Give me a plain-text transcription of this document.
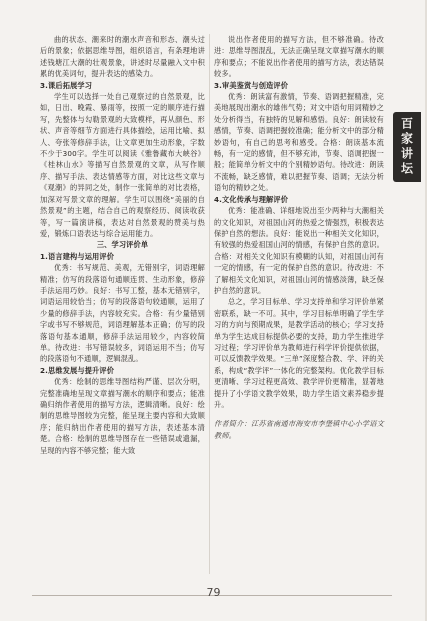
曲的状态、潮来时的潮水声音和形态、潮头过后的景象；依据思维导图，组织语言，有条理地讲述钱塘江大潮的壮观景象，讲述时尽量融入文中积累的优美词句，提升表达的感染力。

3.课后拓展学习

学生可以选择一处自己观察过的自然景观，比如，日出、晚霞、暴雨等，按照一定的顺序进行描写，先整体与勾勒景观的大致模样，再从颜色、形状、声音等细节方面进行具体描绘，运用比喻、拟人、夸张等修辞手法，让文章更加生动形象，字数不少于300字。学生可以阅读《雅鲁藏布大峡谷》《桂林山水》等描写自然景观的文章，从写作顺序、描写手法、表达情感等方面，对比这些文章与《观潮》的异同之处，制作一张简单的对比表格，加深对写景文章的理解。学生可以围绕“美丽的自然景观”的主题，结合自己的观察经历、阅读收获等，写一篇演讲稿，表达对自然景观的赞美与热爱，锻炼口语表达与综合运用能力。

三、学习评价单

1.语言建构与运用评价

优秀：书写规范、美观，无错别字，词语理解精准；仿写的段落语句通顺连贯、生动形象，修辞手法运用巧妙。良好：书写工整，基本无错别字，词语运用较恰当；仿写的段落语句较通顺，运用了少量的修辞手法，内容较充实。合格：有少量错别字或书写不够规范，词语理解基本正确；仿写的段落语句基本通顺，修辞手法运用较少，内容较简单。待改进：书写错误较多，词语运用不当；仿写的段落语句不通顺，逻辑混乱。

2.思维发展与提升评价

优秀：绘制的思维导图结构严谨、层次分明，完整准确地呈现文章描写潮水的顺序和要点；能准确归纳作者使用的描写方法，逻辑清晰。良好：绘制的思维导图较为完整，能呈现主要内容和大致顺序；能归纳出作者使用的描写方法，表述基本清楚。合格：绘制的思维导图存在一些错误或遗漏，呈现的内容不够完整；能大致

说出作者使用的描写方法，但不够准确。待改进：思维导图混乱，无法正确呈现文章描写潮水的顺序和要点；不能说出作者使用的描写方法，表达错误较多。

3.审美鉴赏与创造评价

优秀：朗读富有激情，节奏、语调把握精准，完美地展现出潮水的雄伟气势；对文中语句用词精妙之处分析得当，有独特的见解和感悟。良好：朗读较有感情，节奏、语调把握较准确；能分析文中的部分精妙语句，有自己的思考和感受。合格：朗读基本流畅，有一定的感情，但不够充沛，节奏、语调把握一般；能简单分析文中的个别精妙语句。待改进：朗读不流畅，缺乏感情，难以把握节奏、语调；无法分析语句的精妙之处。

4.文化传承与理解评价

优秀：能准确、详细地说出至少两种与大潮相关的文化知识，对祖国山河的热爱之情强烈，积极表达保护自然的想法。良好：能说出一种相关文化知识，有较强的热爱祖国山河的情感，有保护自然的意识。合格：对相关文化知识有模糊的认知，对祖国山河有一定的情感，有一定的保护自然的意识。待改进：不了解相关文化知识，对祖国山河的情感淡薄，缺乏保护自然的意识。

总之，学习目标单、学习支持单和学习评价单紧密联系，缺一不可。其中，学习目标单明确了学生学习的方向与预期成果，是教学活动的核心；学习支持单为学生达成目标提供必要的支持，助力学生推进学习过程；学习评价单为教师进行科学评价提供依据，可以反馈教学效果。“三单”深度整合教、学、评的关系，构成“教学评”一体化的完整架构。优化教学目标更清晰、学习过程更高效、教学评价更精准，显著地提升了小学语文教学效果，助力学生语文素养稳步提升。

作者简介：江苏省南通市海安市李堡镇中心小学语文教师。

百家讲坛
79
